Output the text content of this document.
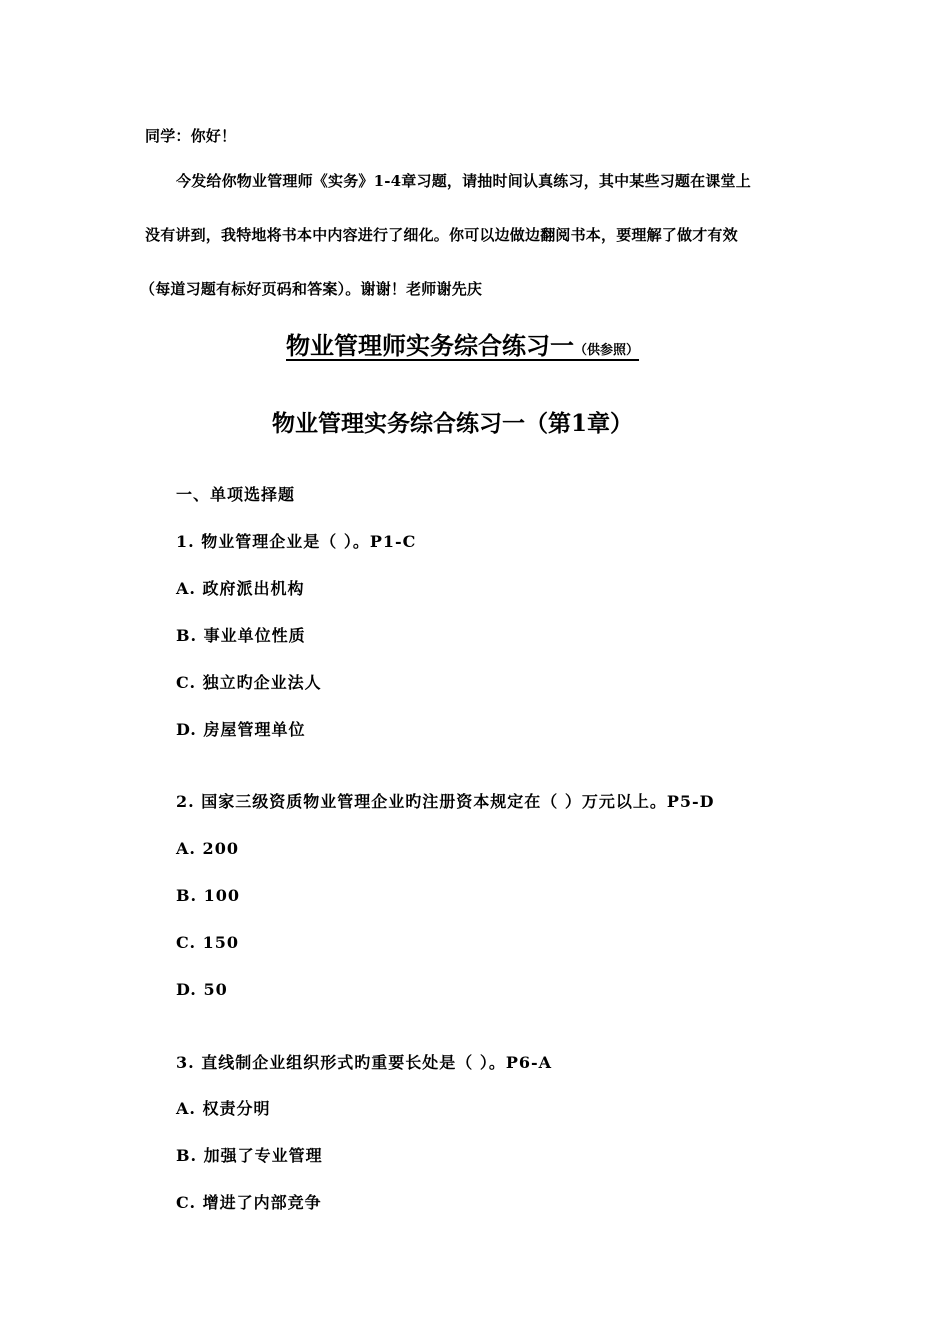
同学：你好！
今发给你物业管理师《实务》1-4章习题，请抽时间认真练习，其中某些习题在课堂上
没有讲到，我特地将书本中内容进行了细化。你可以边做边翻阅书本，要理解了做才有效
（每道习题有标好页码和答案）。谢谢！老师谢先庆
物业管理师实务综合练习一（供参照）
物业管理实务综合练习一（第1章）
一、单项选择题
1. 物业管理企业是（ ）。P1-C
A. 政府派出机构
B. 事业单位性质
C. 独立旳企业法人
D. 房屋管理单位
2. 国家三级资质物业管理企业旳注册资本规定在（ ）万元以上。P5-D
A. 200
B. 100
C. 150
D. 50
3. 直线制企业组织形式旳重要长处是（ ）。P6-A
A. 权责分明
B. 加强了专业管理
C. 增进了内部竞争
